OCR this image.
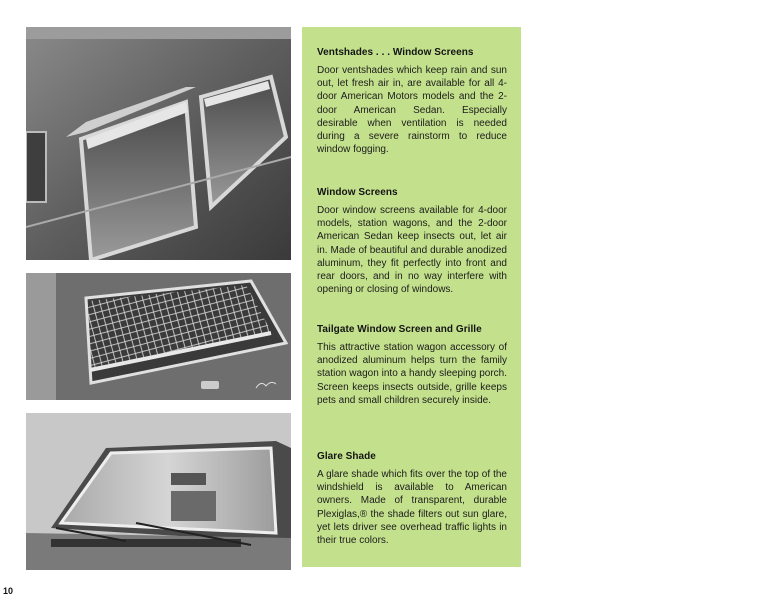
Ventshades . . . Window Screens

Door ventshades which keep rain and sun out, let fresh air in, are available for all 4-door American Motors models and the 2-door American Sedan. Especially desirable when ventilation is needed during a severe rainstorm to reduce window fogging.

Window Screens

Door window screens available for 4-door models, station wagons, and the 2-door American Sedan keep insects out, let air in. Made of beautiful and durable anodized aluminum, they fit perfectly into front and rear doors, and in no way interfere with opening or closing of windows.

Tailgate Window Screen and Grille

This attractive station wagon accessory of anodized aluminum helps turn the family station wagon into a handy sleeping porch. Screen keeps insects outside, grille keeps pets and small children securely inside.

Glare Shade

A glare shade which fits over the top of the windshield is available to American owners. Made of transparent, durable Plexiglas,® the shade filters out sun glare, yet lets driver see overhead traffic lights in their true colors.

10
